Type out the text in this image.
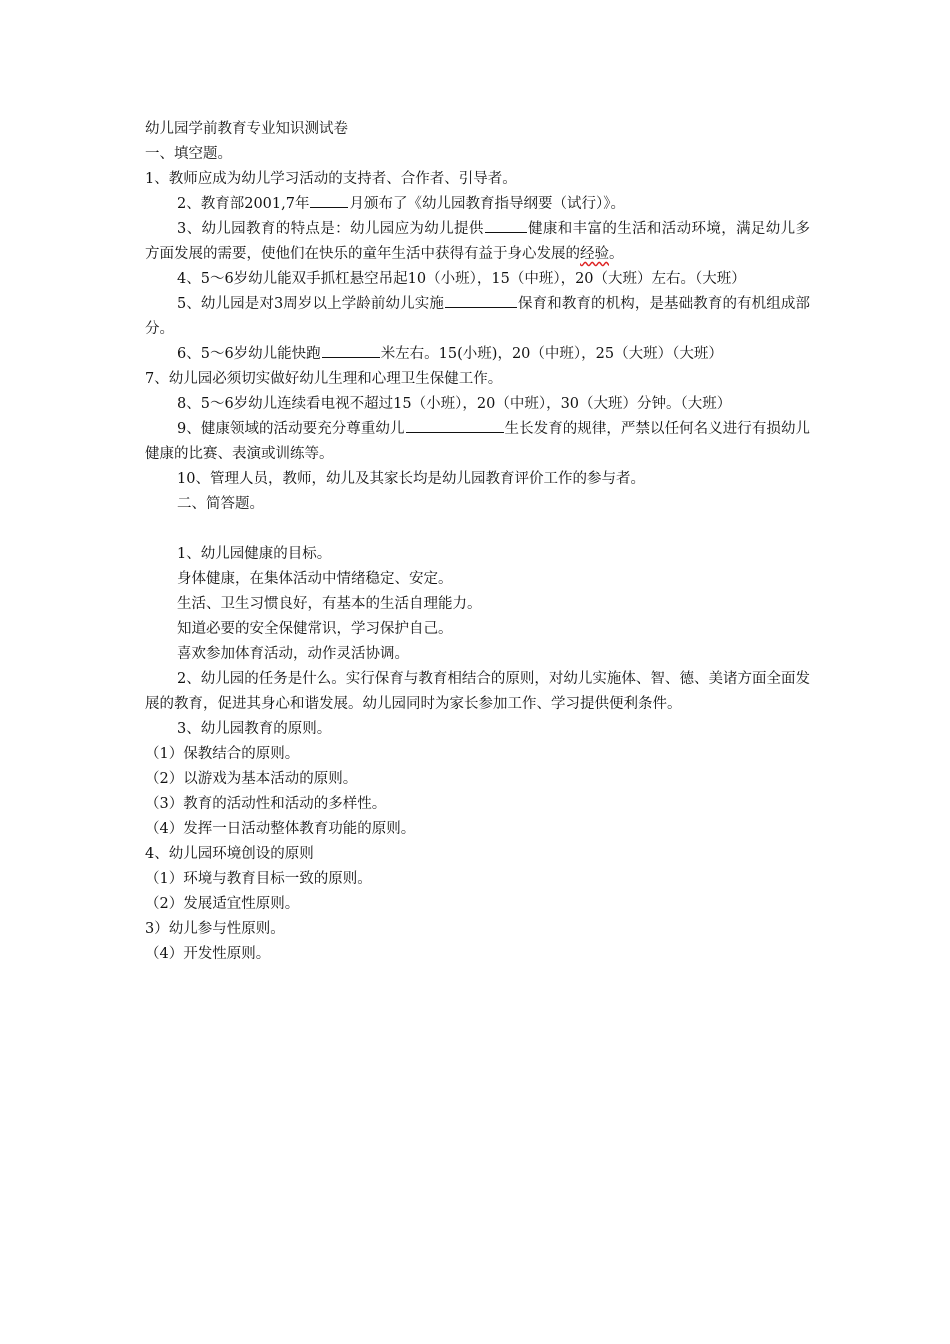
幼儿园学前教育专业知识测试卷
一、填空题。
1、教师应成为幼儿学习活动的支持者、合作者、引导者。
2、教育部2001,7年	月颁布了《幼儿园教育指导纲要（试行）》。
3、幼儿园教育的特点是：幼儿园应为幼儿提供	健康和丰富的生活和活动环境，满足幼儿多方面发展的需要，使他们在快乐的童年生活中获得有益于身心发展的经验。
4、5～6岁幼儿能双手抓杠悬空吊起10（小班），15（中班），20（大班）左右。（大班）
5、幼儿园是对3周岁以上学龄前幼儿实施	保育和教育的机构，是基础教育的有机组成部分。
6、5～6岁幼儿能快跑	米左右。15(小班)，20（中班），25（大班）（大班）
7、幼儿园必须切实做好幼儿生理和心理卫生保健工作。
8、5～6岁幼儿连续看电视不超过15（小班），20（中班），30（大班）分钟。（大班）
9、健康领域的活动要充分尊重幼儿	生长发育的规律，严禁以任何名义进行有损幼儿健康的比赛、表演或训练等。
10、管理人员，教师，幼儿及其家长均是幼儿园教育评价工作的参与者。
二、简答题。
1、幼儿园健康的目标。
身体健康，在集体活动中情绪稳定、安定。
生活、卫生习惯良好，有基本的生活自理能力。
知道必要的安全保健常识，学习保护自己。
喜欢参加体育活动，动作灵活协调。
2、幼儿园的任务是什么。实行保育与教育相结合的原则，对幼儿实施体、智、德、美诸方面全面发展的教育，促进其身心和谐发展。幼儿园同时为家长参加工作、学习提供便利条件。
3、幼儿园教育的原则。
（1）保教结合的原则。
（2）以游戏为基本活动的原则。
（3）教育的活动性和活动的多样性。
（4）发挥一日活动整体教育功能的原则。
4、幼儿园环境创设的原则
（1）环境与教育目标一致的原则。
（2）发展适宜性原则。
3）幼儿参与性原则。
（4）开发性原则。
